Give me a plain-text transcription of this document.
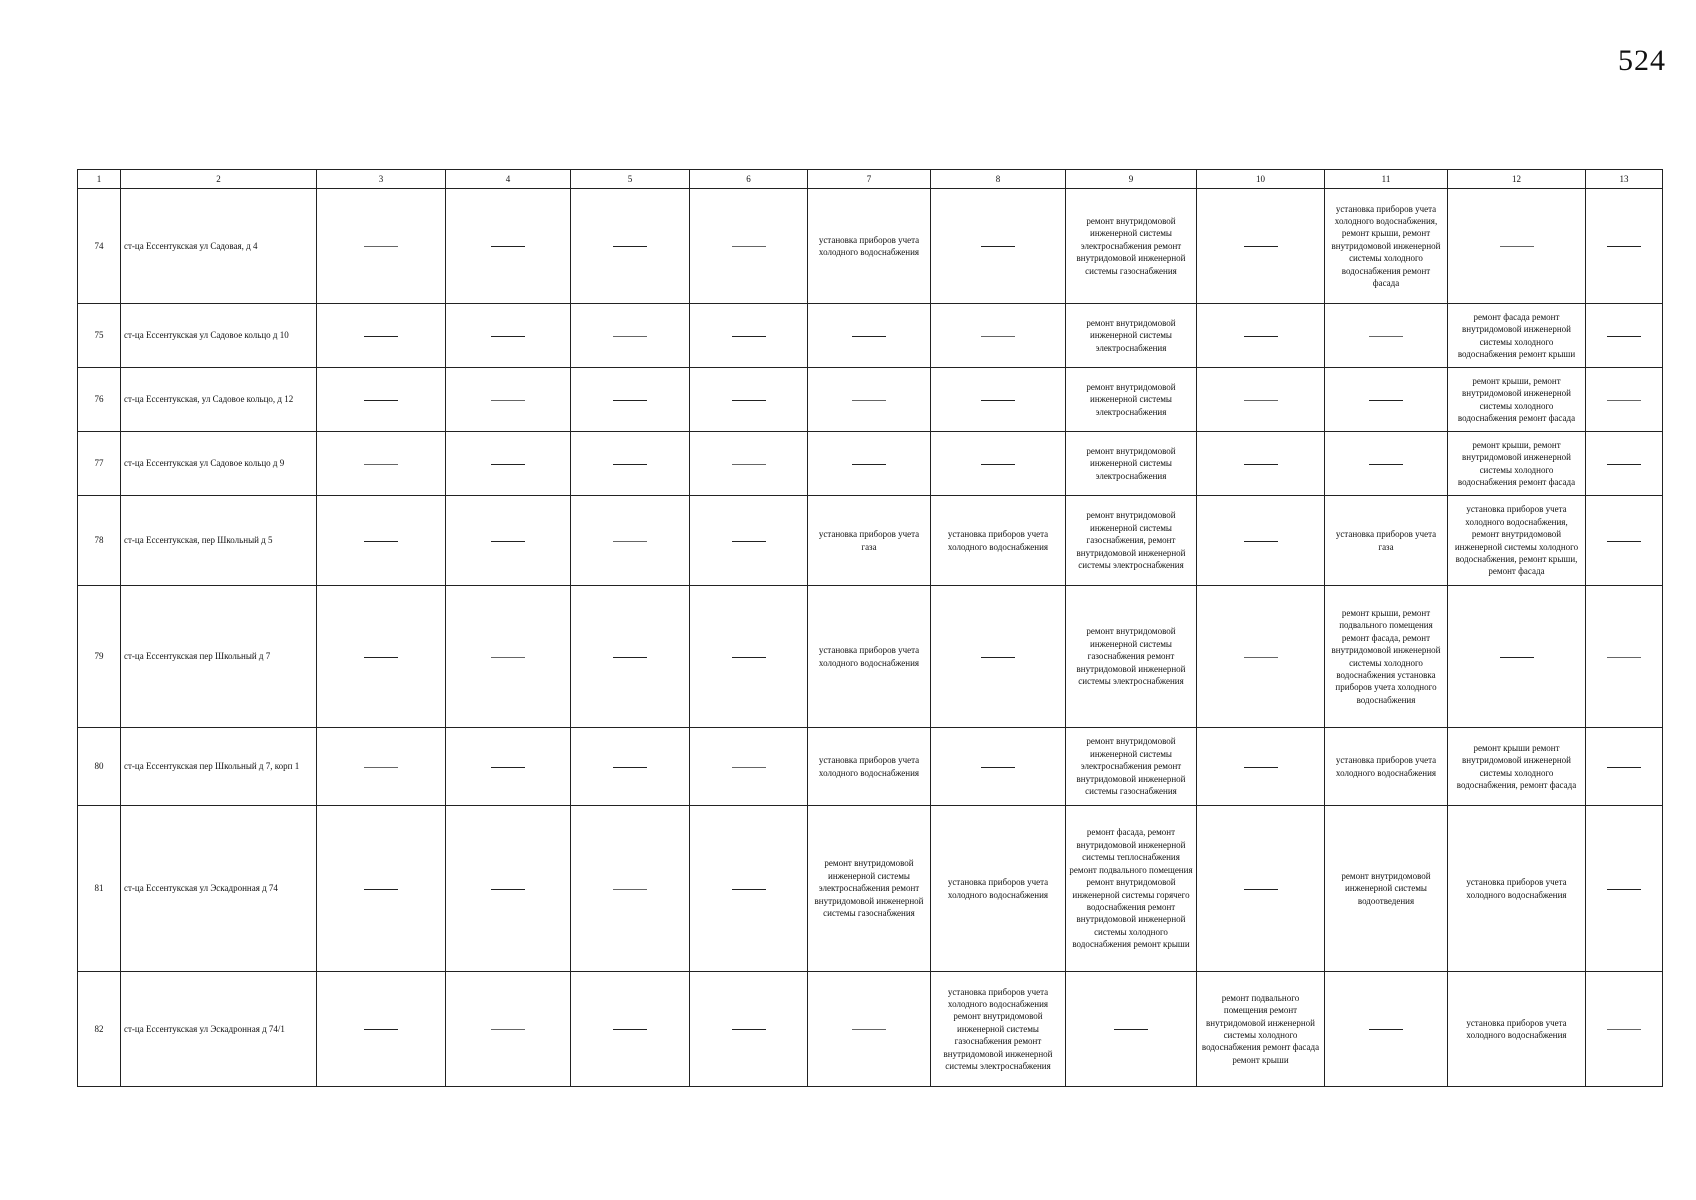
524
1	2	3	4	5	6	7	8	9	10	11	12	13
74	ст-ца Ессентукская ул Садовая, д 4					установка приборов учета холодного водоснабжения		ремонт внутридомовой инженерной системы электроснабжения ремонт внутридомовой инженерной системы газоснабжения		установка приборов учета холодного водоснабжения, ремонт крыши, ремонт внутридомовой инженерной системы холодного водоснабжения ремонт фасада		

75	ст-ца Ессентукская ул Садовое кольцо д 10							ремонт внутридомовой инженерной системы электроснабжения			ремонт фасада ремонт внутридомовой инженерной системы холодного водоснабжения ремонт крыши	

76	ст-ца Ессентукская, ул Садовое кольцо, д 12							ремонт внутридомовой инженерной системы электроснабжения			ремонт крыши, ремонт внутридомовой инженерной системы холодного водоснабжения ремонт фасада	

77	ст-ца Ессентукская ул Садовое кольцо д 9							ремонт внутридомовой инженерной системы электроснабжения			ремонт крыши, ремонт внутридомовой инженерной системы холодного водоснабжения ремонт фасада	

78	ст-ца Ессентукская, пер Школьный д 5					установка приборов учета газа	установка приборов учета холодного водоснабжения	ремонт внутридомовой инженерной системы газоснабжения, ремонт внутридомовой инженерной системы электроснабжения		установка приборов учета газа	установка приборов учета холодного водоснабжения, ремонт внутридомовой инженерной системы холодного водоснабжения, ремонт крыши, ремонт фасада	

79	ст-ца Ессентукская пер Школьный д 7					установка приборов учета холодного водоснабжения		ремонт внутридомовой инженерной системы газоснабжения ремонт внутридомовой инженерной системы электроснабжения		ремонт крыши, ремонт подвального помещения ремонт фасада, ремонт внутридомовой инженерной системы холодного водоснабжения установка приборов учета холодного водоснабжения		

80	ст-ца Ессентукская пер Школьный д 7, корп 1					установка приборов учета холодного водоснабжения		ремонт внутридомовой инженерной системы электроснабжения ремонт внутридомовой инженерной системы газоснабжения		установка приборов учета холодного водоснабжения	ремонт крыши ремонт внутридомовой инженерной системы холодного водоснабжения, ремонт фасада	

81	ст-ца Ессентукская ул Эскадронная д 74					ремонт внутридомовой инженерной системы электроснабжения ремонт внутридомовой инженерной системы газоснабжения	установка приборов учета холодного водоснабжения	ремонт фасада, ремонт внутридомовой инженерной системы теплоснабжения ремонт подвального помещения ремонт внутридомовой инженерной системы горячего водоснабжения ремонт внутридомовой инженерной системы холодного водоснабжения ремонт крыши		ремонт внутридомовой инженерной системы водоотведения	установка приборов учета холодного водоснабжения	

82	ст-ца Ессентукская ул Эскадронная д 74/1						установка приборов учета холодного водоснабжения ремонт внутридомовой инженерной системы газоснабжения ремонт внутридомовой инженерной системы электроснабжения		ремонт подвального помещения ремонт внутридомовой инженерной системы холодного водоснабжения ремонт фасада ремонт крыши		установка приборов учета холодного водоснабжения	
